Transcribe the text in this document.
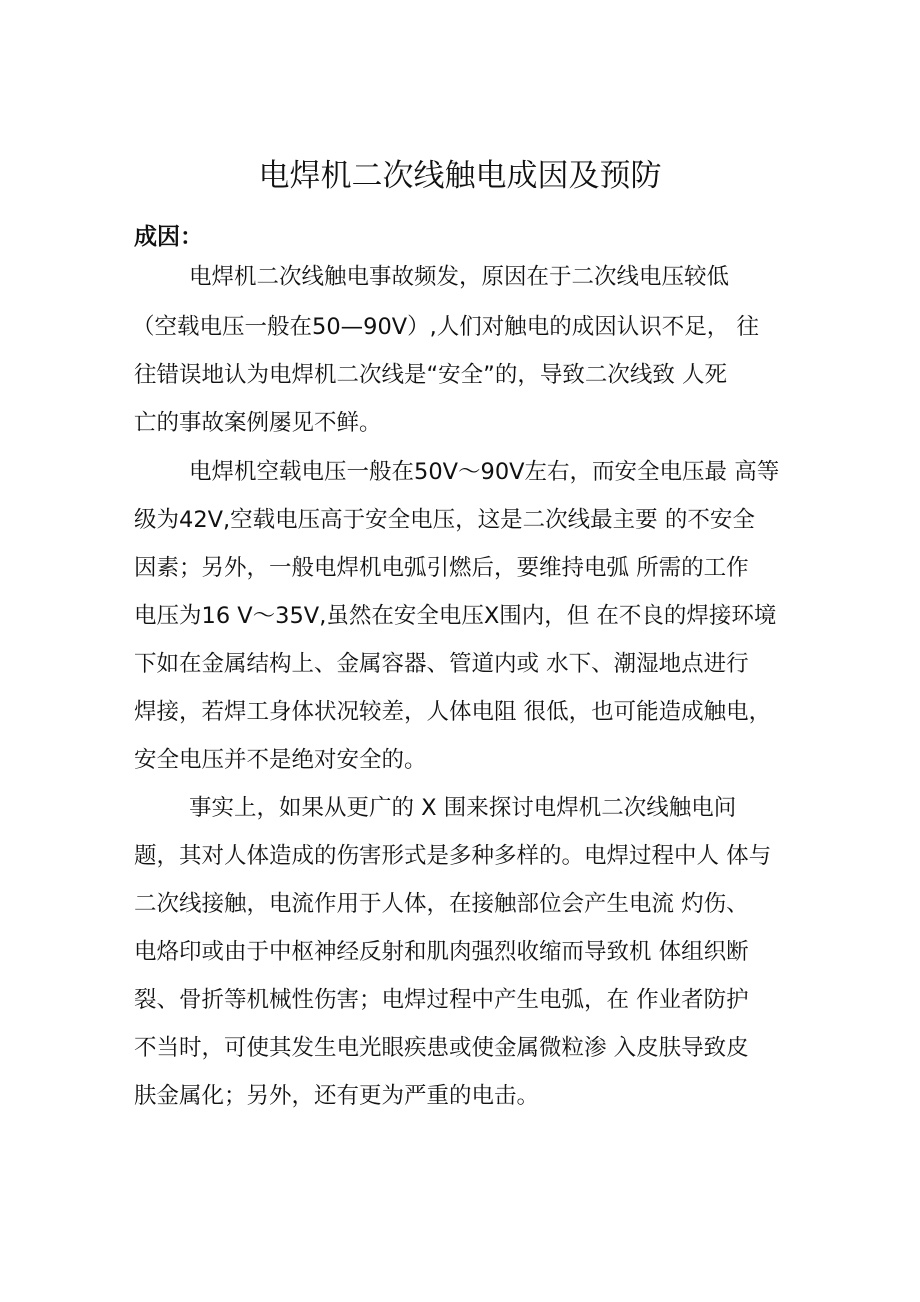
电焊机二次线触电成因及预防
成因：

电焊机二次线触电事故频发，原因在于二次线电压较低

（空载电压一般在50—90V）,人们对触电的成因认识不足， 往

往错误地认为电焊机二次线是“安全”的，导致二次线致 人死

亡的事故案例屡见不鲜。

电焊机空载电压一般在50V～90V左右，而安全电压最 高等

级为42V,空载电压高于安全电压，这是二次线最主要 的不安全

因素；另外，一般电焊机电弧引燃后，要维持电弧 所需的工作

电压为16 V～35V,虽然在安全电压X围内，但 在不良的焊接环境

下如在金属结构上、金属容器、管道内或 水下、潮湿地点进行

焊接，若焊工身体状况较差，人体电阻 很低，也可能造成触电，

安全电压并不是绝对安全的。

事实上，如果从更广的 X 围来探讨电焊机二次线触电问

题，其对人体造成的伤害形式是多种多样的。电焊过程中人 体与

二次线接触，电流作用于人体，在接触部位会产生电流 灼伤、

电烙印或由于中枢神经反射和肌肉强烈收缩而导致机 体组织断

裂、骨折等机械性伤害；电焊过程中产生电弧，在 作业者防护

不当时，可使其发生电光眼疾患或使金属微粒渗 入皮肤导致皮

肤金属化；另外，还有更为严重的电击。
